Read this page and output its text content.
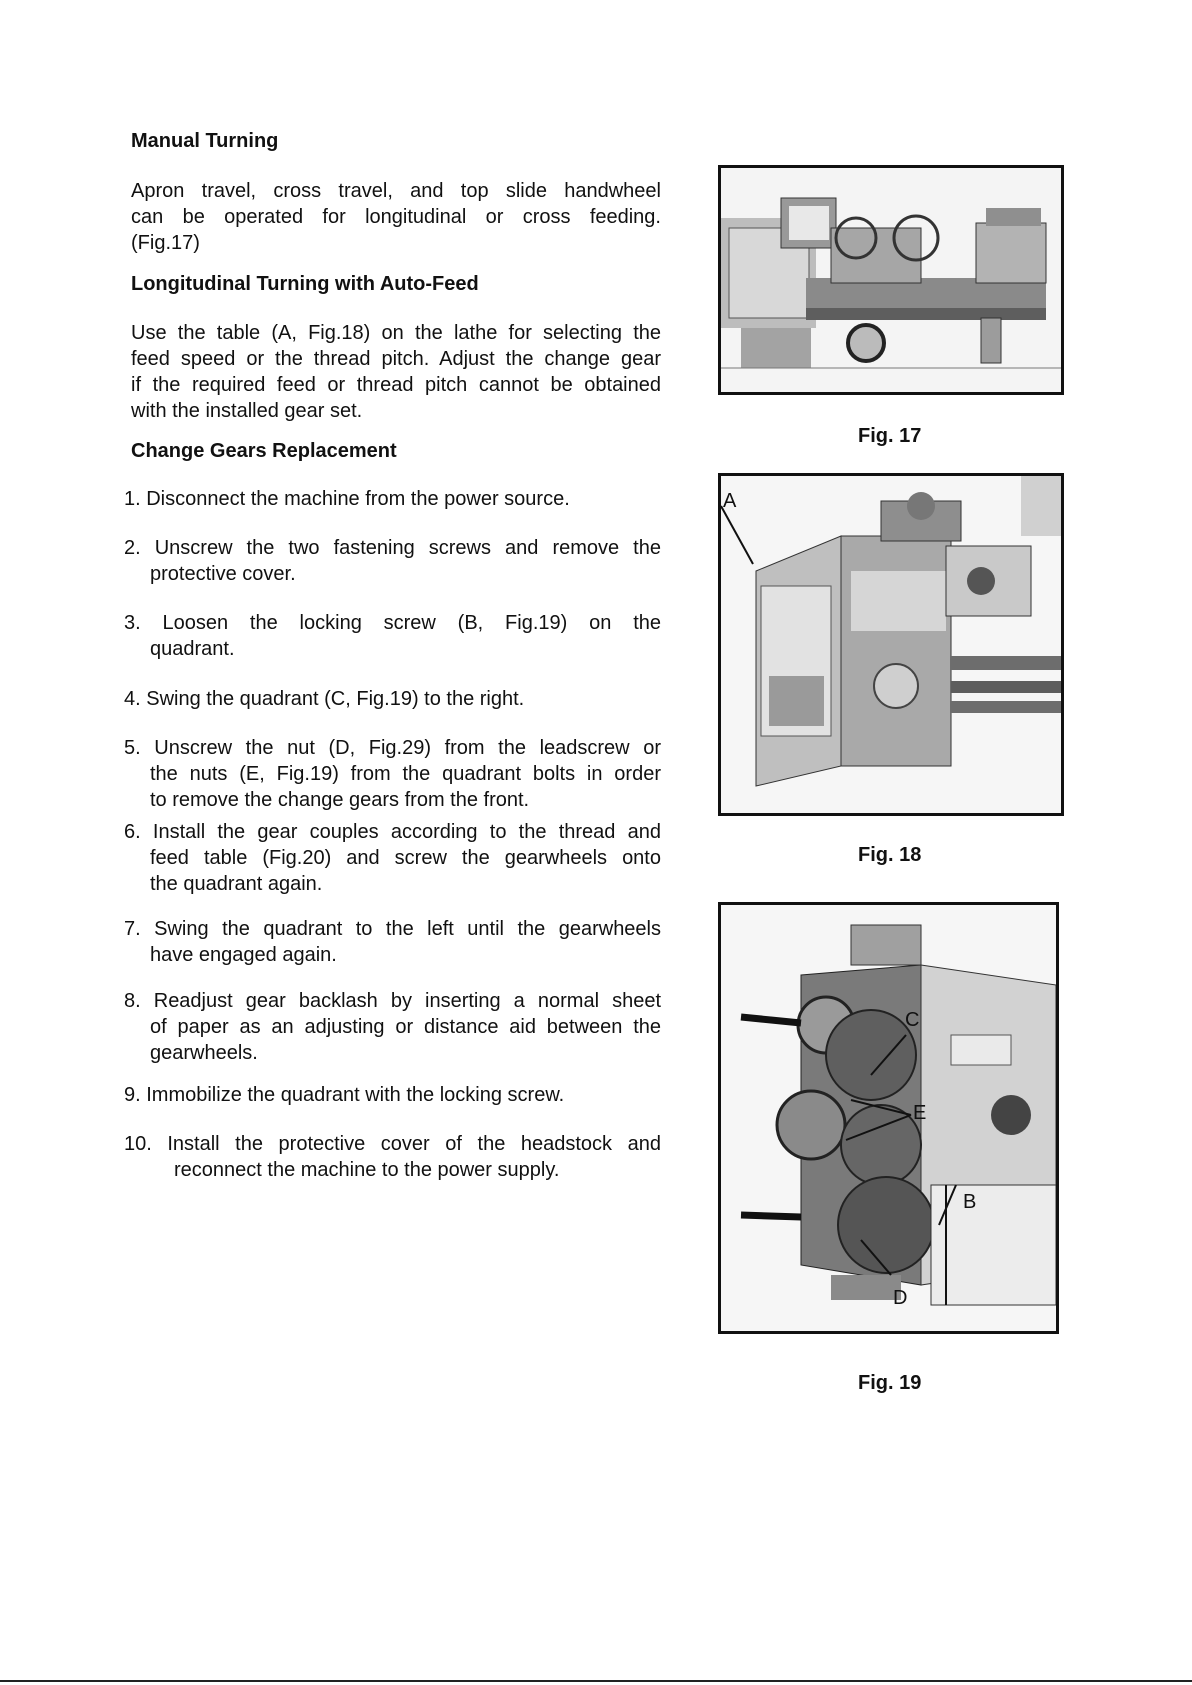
Manual Turning

Apron travel, cross travel, and top slide handwheel

can be operated for longitudinal or cross feeding.

(Fig.17)

Longitudinal Turning with Auto-Feed

Use the table (A, Fig.18) on the lathe for selecting the

feed speed or the thread pitch. Adjust the change gear

if the required feed or thread pitch cannot be obtained

with the installed gear set.

Change Gears Replacement
1. Disconnect the machine from the power source.
2. Unscrew the two fastening screws and remove the
protective cover.
3. Loosen the locking screw (B, Fig.19) on the
quadrant.
4. Swing the quadrant (C, Fig.19) to the right.
5. Unscrew the nut (D, Fig.29) from the leadscrew or
the nuts (E, Fig.19) from the quadrant bolts in order
to remove the change gears from the front.
6. Install the gear couples according to the thread and
feed table (Fig.20) and screw the gearwheels onto
the quadrant again.
7. Swing the quadrant to the left until the gearwheels
have engaged again.
8. Readjust gear backlash by inserting a normal sheet
of paper as an adjusting or distance aid between the
gearwheels.
9. Immobilize the quadrant with the locking screw.
10. Install the protective cover of the headstock and
reconnect the machine to the power supply.
Fig. 17
A
Fig. 18
C
E
B
D
Fig. 19
